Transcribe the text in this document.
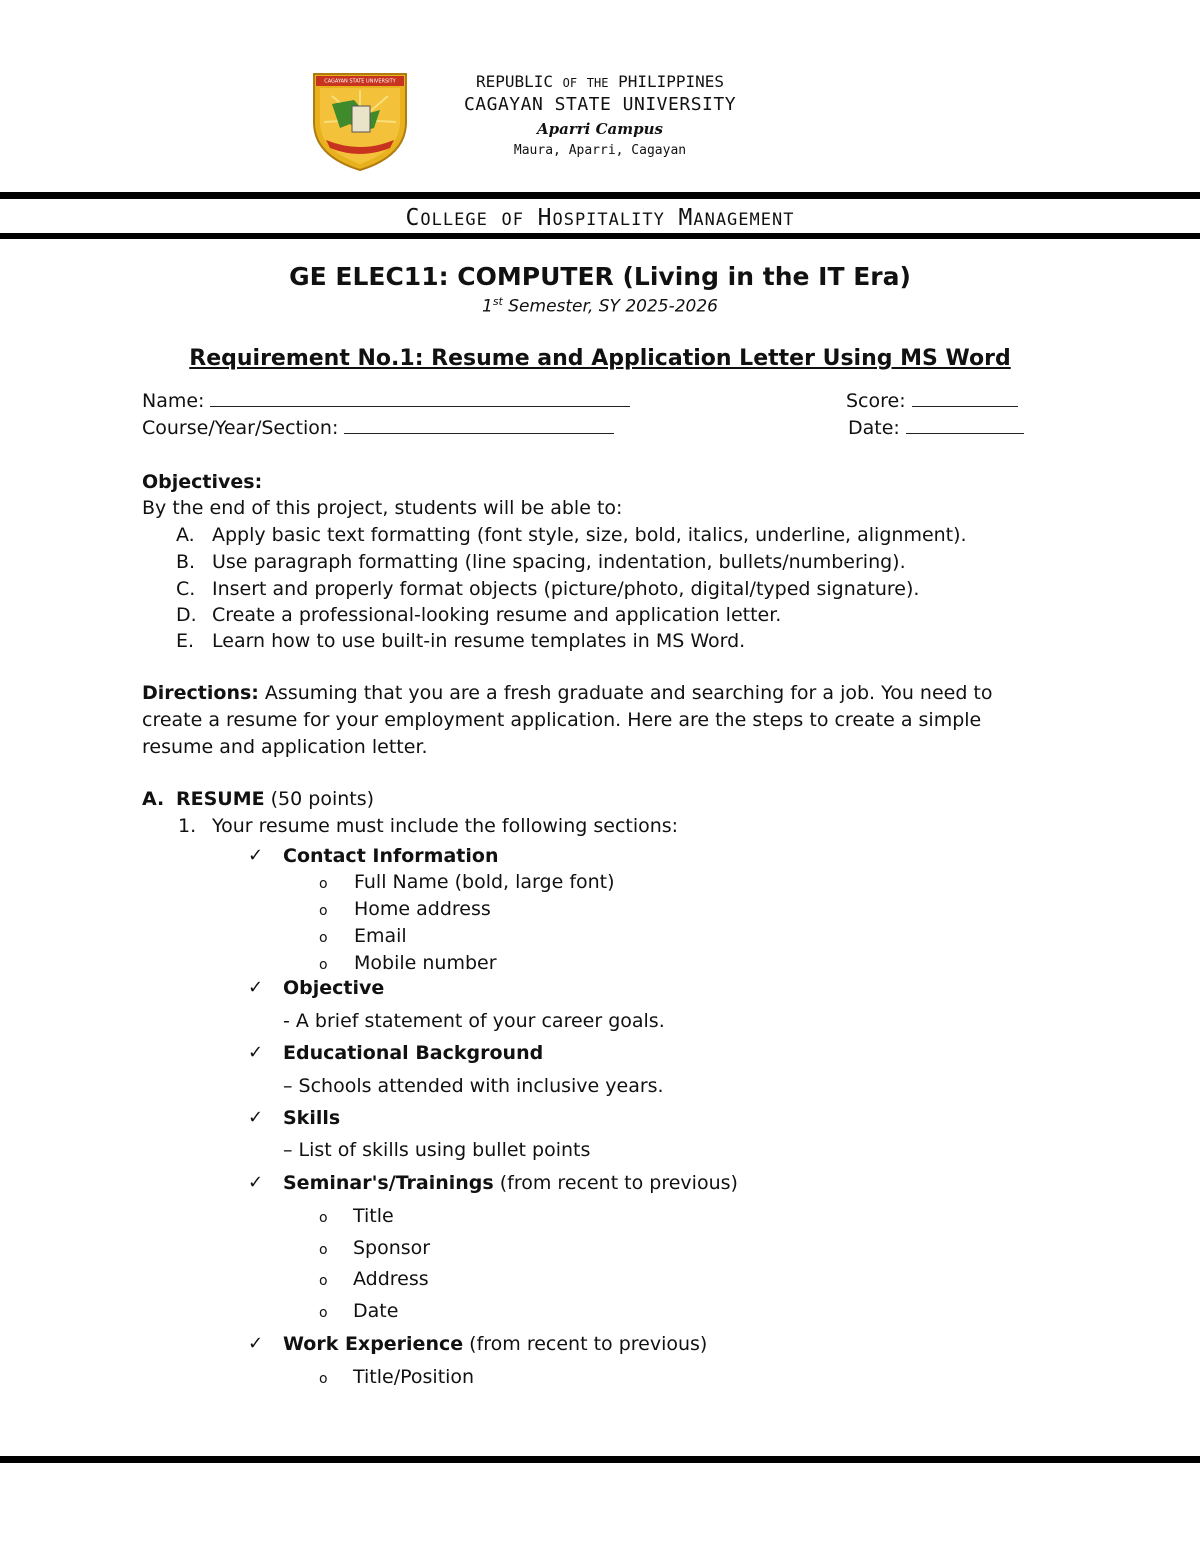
CAGAYAN STATE UNIVERSITY	REPUBLIC OF THE PHILIPPINES
CAGAYAN STATE UNIVERSITY
Aparri Campus
Maura, Aparri, Cagayan
COLLEGE OF HOSPITALITY MANAGEMENT
GE ELEC11: COMPUTER (Living in the IT Era)
1st Semester, SY 2025-2026
Requirement No.1: Resume and Application Letter Using MS Word
Name:
Course/Year/Section:
Score:
Date:
Objectives:
By the end of this project, students will be able to:
A. Apply basic text formatting (font style, size, bold, italics, underline, alignment).
B. Use paragraph formatting (line spacing, indentation, bullets/numbering).
C. Insert and properly format objects (picture/photo, digital/typed signature).
D. Create a professional-looking resume and application letter.
E. Learn how to use built-in resume templates in MS Word.
Directions: Assuming that you are a fresh graduate and searching for a job. You need to
create a resume for your employment application. Here are the steps to create a simple
resume and application letter.
A. RESUME (50 points)
1. Your resume must include the following sections:
✓ Contact Information
o Full Name (bold, large font)
o Home address
o Email
o Mobile number
✓ Objective
- A brief statement of your career goals.
✓ Educational Background
– Schools attended with inclusive years.
✓ Skills
– List of skills using bullet points
✓ Seminar's/Trainings (from recent to previous)
o Title
o Sponsor
o Address
o Date
✓ Work Experience (from recent to previous)
o Title/Position
